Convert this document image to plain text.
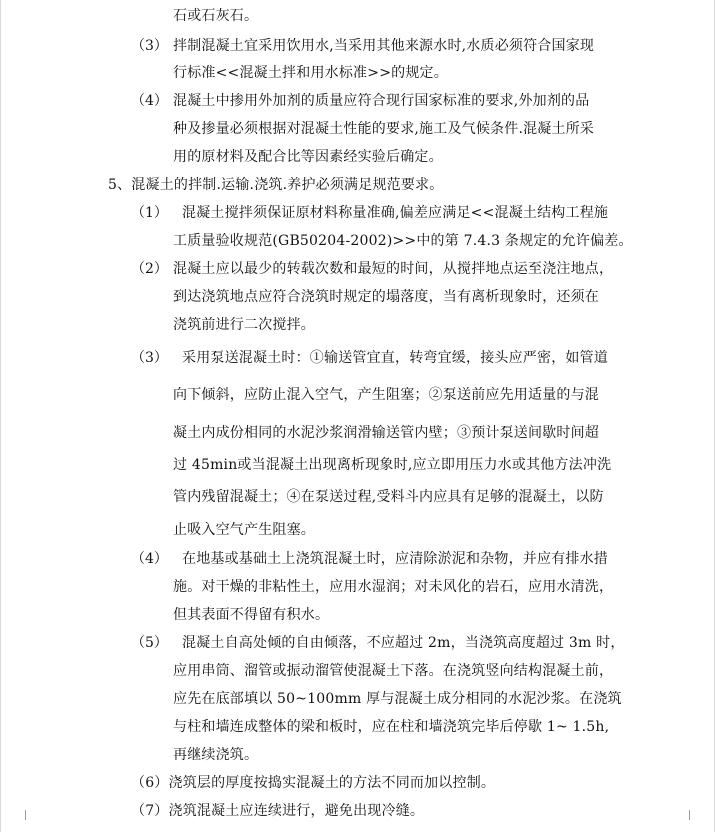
石或石灰石。
（3） 拌制混凝土宜采用饮用水,当采用其他来源水时,水质必须符合国家现
行标准<<混凝土拌和用水标准>>的规定。
（4） 混凝土中掺用外加剂的质量应符合现行国家标准的要求,外加剂的品
种及掺量必须根据对混凝土性能的要求,施工及气候条件.混凝土所采
用的原材料及配合比等因素经实验后确定。
5、混凝土的拌制.运输.浇筑.养护必须满足规范要求。
（1） 混凝土搅拌须保证原材料称量准确,偏差应满足<<混凝土结构工程施
工质量验收规范(GB50204-2002)>>中的第 7.4.3 条规定的允许偏差。
（2） 混凝土应以最少的转载次数和最短的时间，从搅拌地点运至浇注地点，
到达浇筑地点应符合浇筑时规定的塌落度，当有离析现象时，还须在
浇筑前进行二次搅拌。
（3） 采用泵送混凝土时：①输送管宜直，转弯宜缓，接头应严密，如管道
向下倾斜，应防止混入空气，产生阻塞；②泵送前应先用适量的与混
凝土内成份相同的水泥沙浆润滑输送管内壁；③预计泵送间歇时间超
过 45min或当混凝土出现离析现象时,应立即用压力水或其他方法冲洗
管内残留混凝土；④在泵送过程,受料斗内应具有足够的混凝土，以防
止吸入空气产生阻塞。
（4） 在地基或基础土上浇筑混凝土时，应清除淤泥和杂物，并应有排水措
施。对干燥的非粘性土，应用水湿润；对未风化的岩石，应用水清洗，
但其表面不得留有积水。
（5） 混凝土自高处倾的自由倾落，不应超过 2m，当浇筑高度超过 3m 时，
应用串筒、溜管或振动溜管使混凝土下落。在浇筑竖向结构混凝土前，
应先在底部填以 50~100mm 厚与混凝土成分相同的水泥沙浆。在浇筑
与柱和墙连成整体的梁和板时，应在柱和墙浇筑完毕后停歇 1~ 1.5h,
再继续浇筑。
（6）浇筑层的厚度按捣实混凝土的方法不同而加以控制。
（7）浇筑混凝土应连续进行，避免出现冷缝。
